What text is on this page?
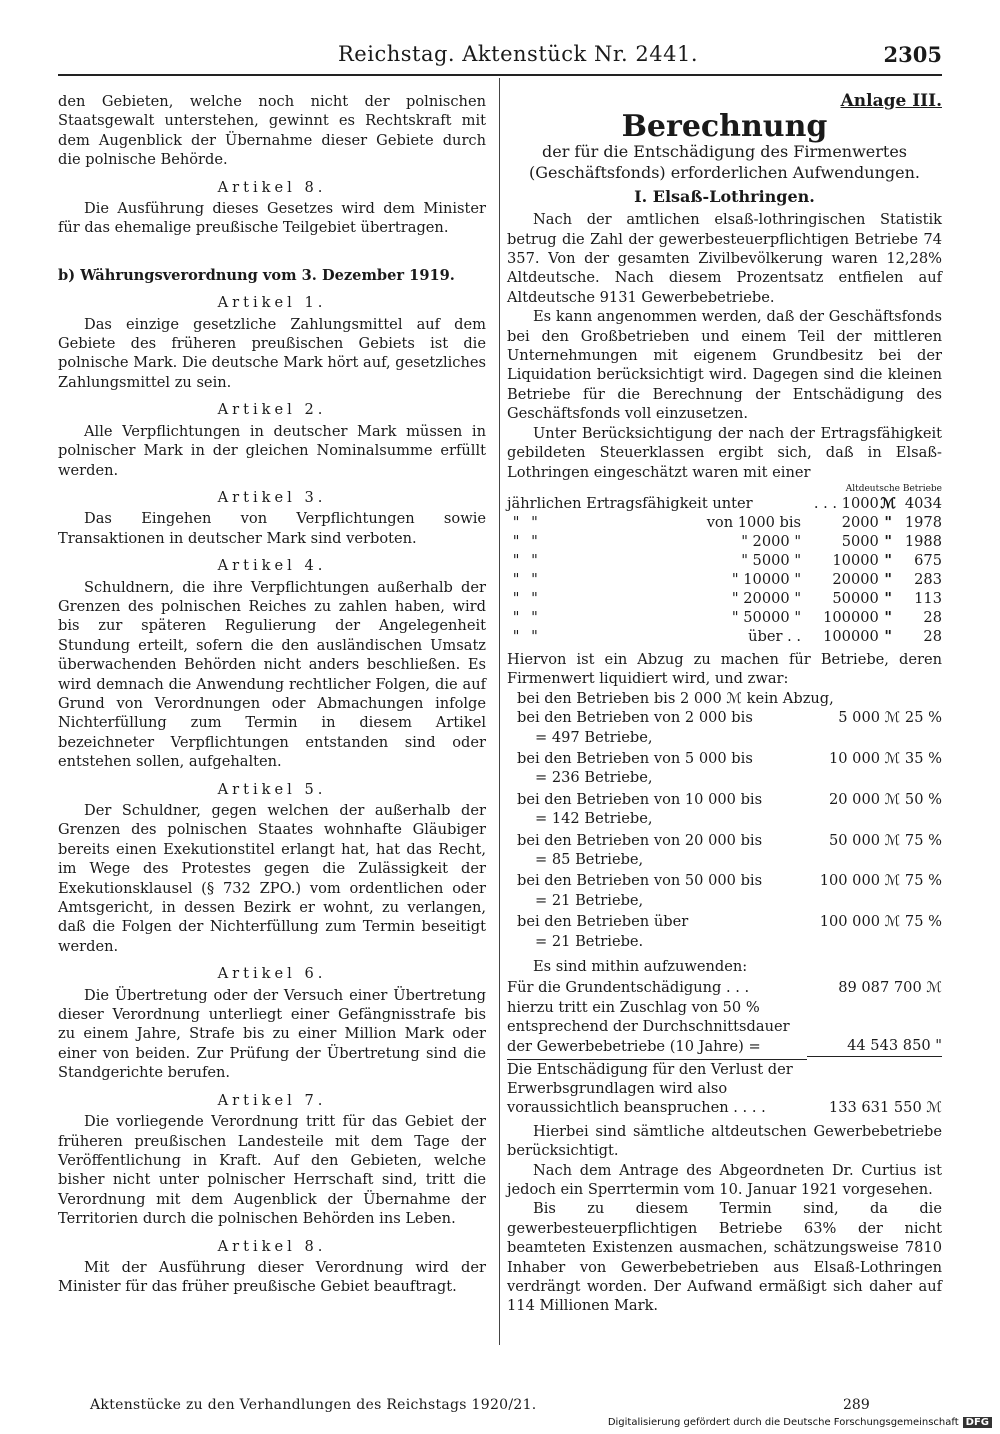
Reichstag. Aktenstück Nr. 2441.	2305

den Gebieten, welche noch nicht der polnischen Staatsgewalt unterstehen, gewinnt es Rechtskraft mit dem Augenblick der Übernahme dieser Gebiete durch die polnische Behörde.

Artikel 8.

Die Ausführung dieses Gesetzes wird dem Minister für das ehemalige preußische Teilgebiet übertragen.

b) Währungsverordnung vom 3. Dezember 1919.
Artikel 1.

Das einzige gesetzliche Zahlungsmittel auf dem Gebiete des früheren preußischen Gebiets ist die polnische Mark. Die deutsche Mark hört auf, gesetzliches Zahlungsmittel zu sein.

Artikel 2.

Alle Verpflichtungen in deutscher Mark müssen in polnischer Mark in der gleichen Nominalsumme erfüllt werden.

Artikel 3.

Das Eingehen von Verpflichtungen sowie Transaktionen in deutscher Mark sind verboten.

Artikel 4.

Schuldnern, die ihre Verpflichtungen außerhalb der Grenzen des polnischen Reiches zu zahlen haben, wird bis zur späteren Regulierung der Angelegenheit Stundung erteilt, sofern die den ausländischen Umsatz überwachenden Behörden nicht anders beschließen. Es wird demnach die Anwendung rechtlicher Folgen, die auf Grund von Verordnungen oder Abmachungen infolge Nichterfüllung zum Termin in diesem Artikel bezeichneter Verpflichtungen entstanden sind oder entstehen sollen, aufgehalten.

Artikel 5.

Der Schuldner, gegen welchen der außerhalb der Grenzen des polnischen Staates wohnhafte Gläubiger bereits einen Exekutionstitel erlangt hat, hat das Recht, im Wege des Protestes gegen die Zulässigkeit der Exekutionsklausel (§ 732 ZPO.) vom ordentlichen oder Amtsgericht, in dessen Bezirk er wohnt, zu verlangen, daß die Folgen der Nichterfüllung zum Termin beseitigt werden.

Artikel 6.

Die Übertretung oder der Versuch einer Übertretung dieser Verordnung unterliegt einer Gefängnisstrafe bis zu einem Jahre, Strafe bis zu einer Million Mark oder einer von beiden. Zur Prüfung der Übertretung sind die Standgerichte berufen.

Artikel 7.

Die vorliegende Verordnung tritt für das Gebiet der früheren preußischen Landesteile mit dem Tage der Veröffentlichung in Kraft. Auf den Gebieten, welche bisher nicht unter polnischer Herrschaft sind, tritt die Verordnung mit dem Augenblick der Übernahme der Territorien durch die polnischen Behörden ins Leben.

Artikel 8.

Mit der Ausführung dieser Verordnung wird der Minister für das früher preußische Gebiet beauftragt.

Anlage III.
Berechnung
der für die Entschädigung des Firmenwertes (Geschäftsfonds) erforderlichen Aufwendungen.
I. Elsaß-Lothringen.

Nach der amtlichen elsaß-lothringischen Statistik betrug die Zahl der gewerbesteuerpflichtigen Betriebe 74 357. Von der gesamten Zivilbevölkerung waren 12,28% Altdeutsche. Nach diesem Prozentsatz entfielen auf Altdeutsche 9131 Gewerbebetriebe.

Es kann angenommen werden, daß der Geschäftsfonds bei den Großbetrieben und einem Teil der mittleren Unternehmungen mit eigenem Grundbesitz bei der Liquidation berücksichtigt wird. Dagegen sind die kleinen Betriebe für die Berechnung der Entschädigung des Geschäftsfonds voll einzusetzen.

Unter Berücksichtigung der nach der Ertragsfähigkeit gebildeten Steuerklassen ergibt sich, daß in Elsaß-Lothringen eingeschätzt waren mit einer

Altdeutsche Betriebe
jährlichen Ertragsfähigkeit unter			. . . 1000	ℳ	4034
"	"	von 1000 bis	2000	"	1978
"	"	" 2000 "	5000	"	1988
"	"	" 5000 "	10000	"	675
"	"	" 10000 "	20000	"	283
"	"	" 20000 "	50000	"	113
"	"	" 50000 "	100000	"	28
"	"	über . .	100000	"	28

Hiervon ist ein Abzug zu machen für Betriebe, deren Firmenwert liquidiert wird, und zwar:

bei den Betrieben bis 2 000 ℳ kein Abzug,
bei den Betrieben von 2 000 bis	5 000 ℳ 25 %
= 497 Betriebe,
bei den Betrieben von 5 000 bis	10 000 ℳ 35 %
= 236 Betriebe,
bei den Betrieben von 10 000 bis	20 000 ℳ 50 %
= 142 Betriebe,
bei den Betrieben von 20 000 bis	50 000 ℳ 75 %
= 85 Betriebe,
bei den Betrieben von 50 000 bis	100 000 ℳ 75 %
= 21 Betriebe,
bei den Betrieben über	100 000 ℳ 75 %
= 21 Betriebe.

Es sind mithin aufzuwenden:

Für die Grundentschädigung . . .	89 087 700 ℳ
hierzu tritt ein Zuschlag von 50 % entsprechend der Durchschnittsdauer der Gewerbebetriebe (10 Jahre) =	44 543 850 "
Die Entschädigung für den Verlust der Erwerbsgrundlagen wird also voraussichtlich beanspruchen . . . .	133 631 550 ℳ

Hierbei sind sämtliche altdeutschen Gewerbebetriebe berücksichtigt.

Nach dem Antrage des Abgeordneten Dr. Curtius ist jedoch ein Sperrtermin vom 10. Januar 1921 vorgesehen.

Bis zu diesem Termin sind, da die gewerbesteuerpflichtigen Betriebe 63% der nicht beamteten Existenzen ausmachen, schätzungsweise 7810 Inhaber von Gewerbebetrieben aus Elsaß-Lothringen verdrängt worden. Der Aufwand ermäßigt sich daher auf 114 Millionen Mark.

Aktenstücke zu den Verhandlungen des Reichstags 1920/21.	289
Digitalisierung gefördert durch die Deutsche Forschungsgemeinschaft DFG
